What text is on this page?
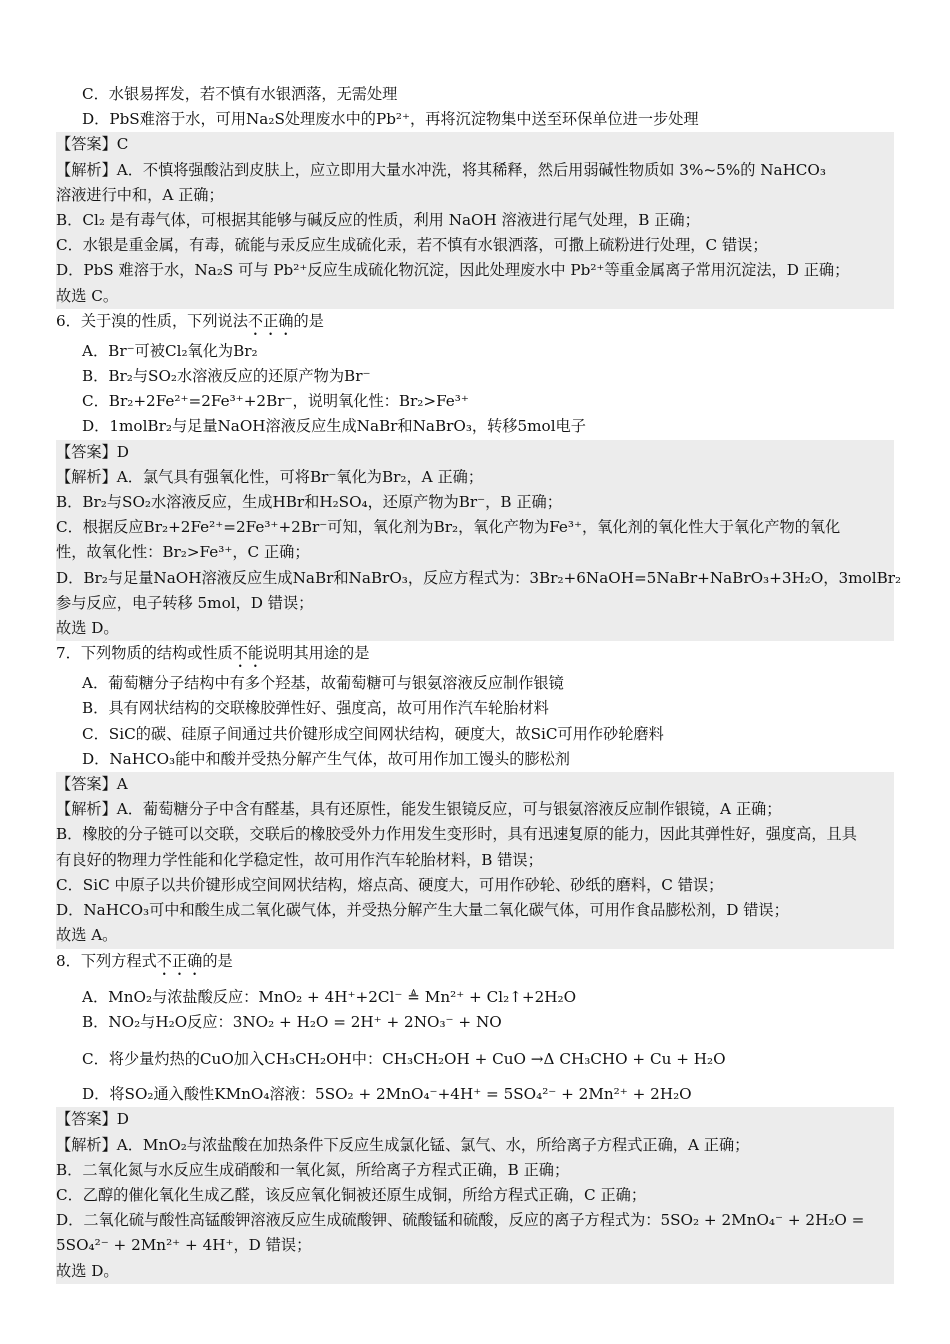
C．水银易挥发，若不慎有水银洒落，无需处理
D．PbS难溶于水，可用Na₂S处理废水中的Pb²⁺，再将沉淀物集中送至环保单位进一步处理
【答案】C
【解析】A．不慎将强酸沾到皮肤上，应立即用大量水冲洗，将其稀释，然后用弱碱性物质如 3%~5%的 NaHCO₃
溶液进行中和，A 正确；
B．Cl₂ 是有毒气体，可根据其能够与碱反应的性质，利用 NaOH 溶液进行尾气处理，B 正确；
C．水银是重金属，有毒，硫能与汞反应生成硫化汞，若不慎有水银洒落，可撒上硫粉进行处理，C 错误；
D．PbS 难溶于水，Na₂S 可与 Pb²⁺反应生成硫化物沉淀，因此处理废水中 Pb²⁺等重金属离子常用沉淀法，D 正确；
故选 C。
6．关于溴的性质，下列说法不正确的是
A．Br⁻可被Cl₂氧化为Br₂
B．Br₂与SO₂水溶液反应的还原产物为Br⁻
C．Br₂+2Fe²⁺=2Fe³⁺+2Br⁻，说明氧化性：Br₂>Fe³⁺
D．1molBr₂与足量NaOH溶液反应生成NaBr和NaBrO₃，转移5mol电子
【答案】D
【解析】A．氯气具有强氧化性，可将Br⁻氧化为Br₂，A 正确；
B．Br₂与SO₂水溶液反应，生成HBr和H₂SO₄，还原产物为Br⁻，B 正确；
C．根据反应Br₂+2Fe²⁺=2Fe³⁺+2Br⁻可知，氧化剂为Br₂，氧化产物为Fe³⁺，氧化剂的氧化性大于氧化产物的氧化
性，故氧化性：Br₂>Fe³⁺，C 正确；
D．Br₂与足量NaOH溶液反应生成NaBr和NaBrO₃，反应方程式为：3Br₂+6NaOH=5NaBr+NaBrO₃+3H₂O，3molBr₂
参与反应，电子转移 5mol，D 错误；
故选 D。
7．下列物质的结构或性质不能说明其用途的是
A．葡萄糖分子结构中有多个羟基，故葡萄糖可与银氨溶液反应制作银镜
B．具有网状结构的交联橡胶弹性好、强度高，故可用作汽车轮胎材料
C．SiC的碳、硅原子间通过共价键形成空间网状结构，硬度大，故SiC可用作砂轮磨料
D．NaHCO₃能中和酸并受热分解产生气体，故可用作加工馒头的膨松剂
【答案】A
【解析】A．葡萄糖分子中含有醛基，具有还原性，能发生银镜反应，可与银氨溶液反应制作银镜，A 正确；
B．橡胶的分子链可以交联，交联后的橡胶受外力作用发生变形时，具有迅速复原的能力，因此其弹性好，强度高，且具
有良好的物理力学性能和化学稳定性，故可用作汽车轮胎材料，B 错误；
C．SiC 中原子以共价键形成空间网状结构，熔点高、硬度大，可用作砂轮、砂纸的磨料，C 错误；
D．NaHCO₃可中和酸生成二氧化碳气体，并受热分解产生大量二氧化碳气体，可用作食品膨松剂，D 错误；
故选 A。
8．下列方程式不正确的是
A．MnO₂与浓盐酸反应：MnO₂ + 4H⁺+2Cl⁻ ≜ Mn²⁺ + Cl₂↑+2H₂O
B．NO₂与H₂O反应：3NO₂ + H₂O = 2H⁺ + 2NO₃⁻ + NO
C．将少量灼热的CuO加入CH₃CH₂OH中：CH₃CH₂OH + CuO →Δ CH₃CHO + Cu + H₂O
D．将SO₂通入酸性KMnO₄溶液：5SO₂ + 2MnO₄⁻+4H⁺ = 5SO₄²⁻ + 2Mn²⁺ + 2H₂O
【答案】D
【解析】A．MnO₂与浓盐酸在加热条件下反应生成氯化锰、氯气、水，所给离子方程式正确，A 正确；
B．二氧化氮与水反应生成硝酸和一氧化氮，所给离子方程式正确，B 正确；
C．乙醇的催化氧化生成乙醛，该反应氧化铜被还原生成铜，所给方程式正确，C 正确；
D．二氧化硫与酸性高锰酸钾溶液反应生成硫酸钾、硫酸锰和硫酸，反应的离子方程式为：5SO₂ + 2MnO₄⁻ + 2H₂O =
5SO₄²⁻ + 2Mn²⁺ + 4H⁺，D 错误；
故选 D。
